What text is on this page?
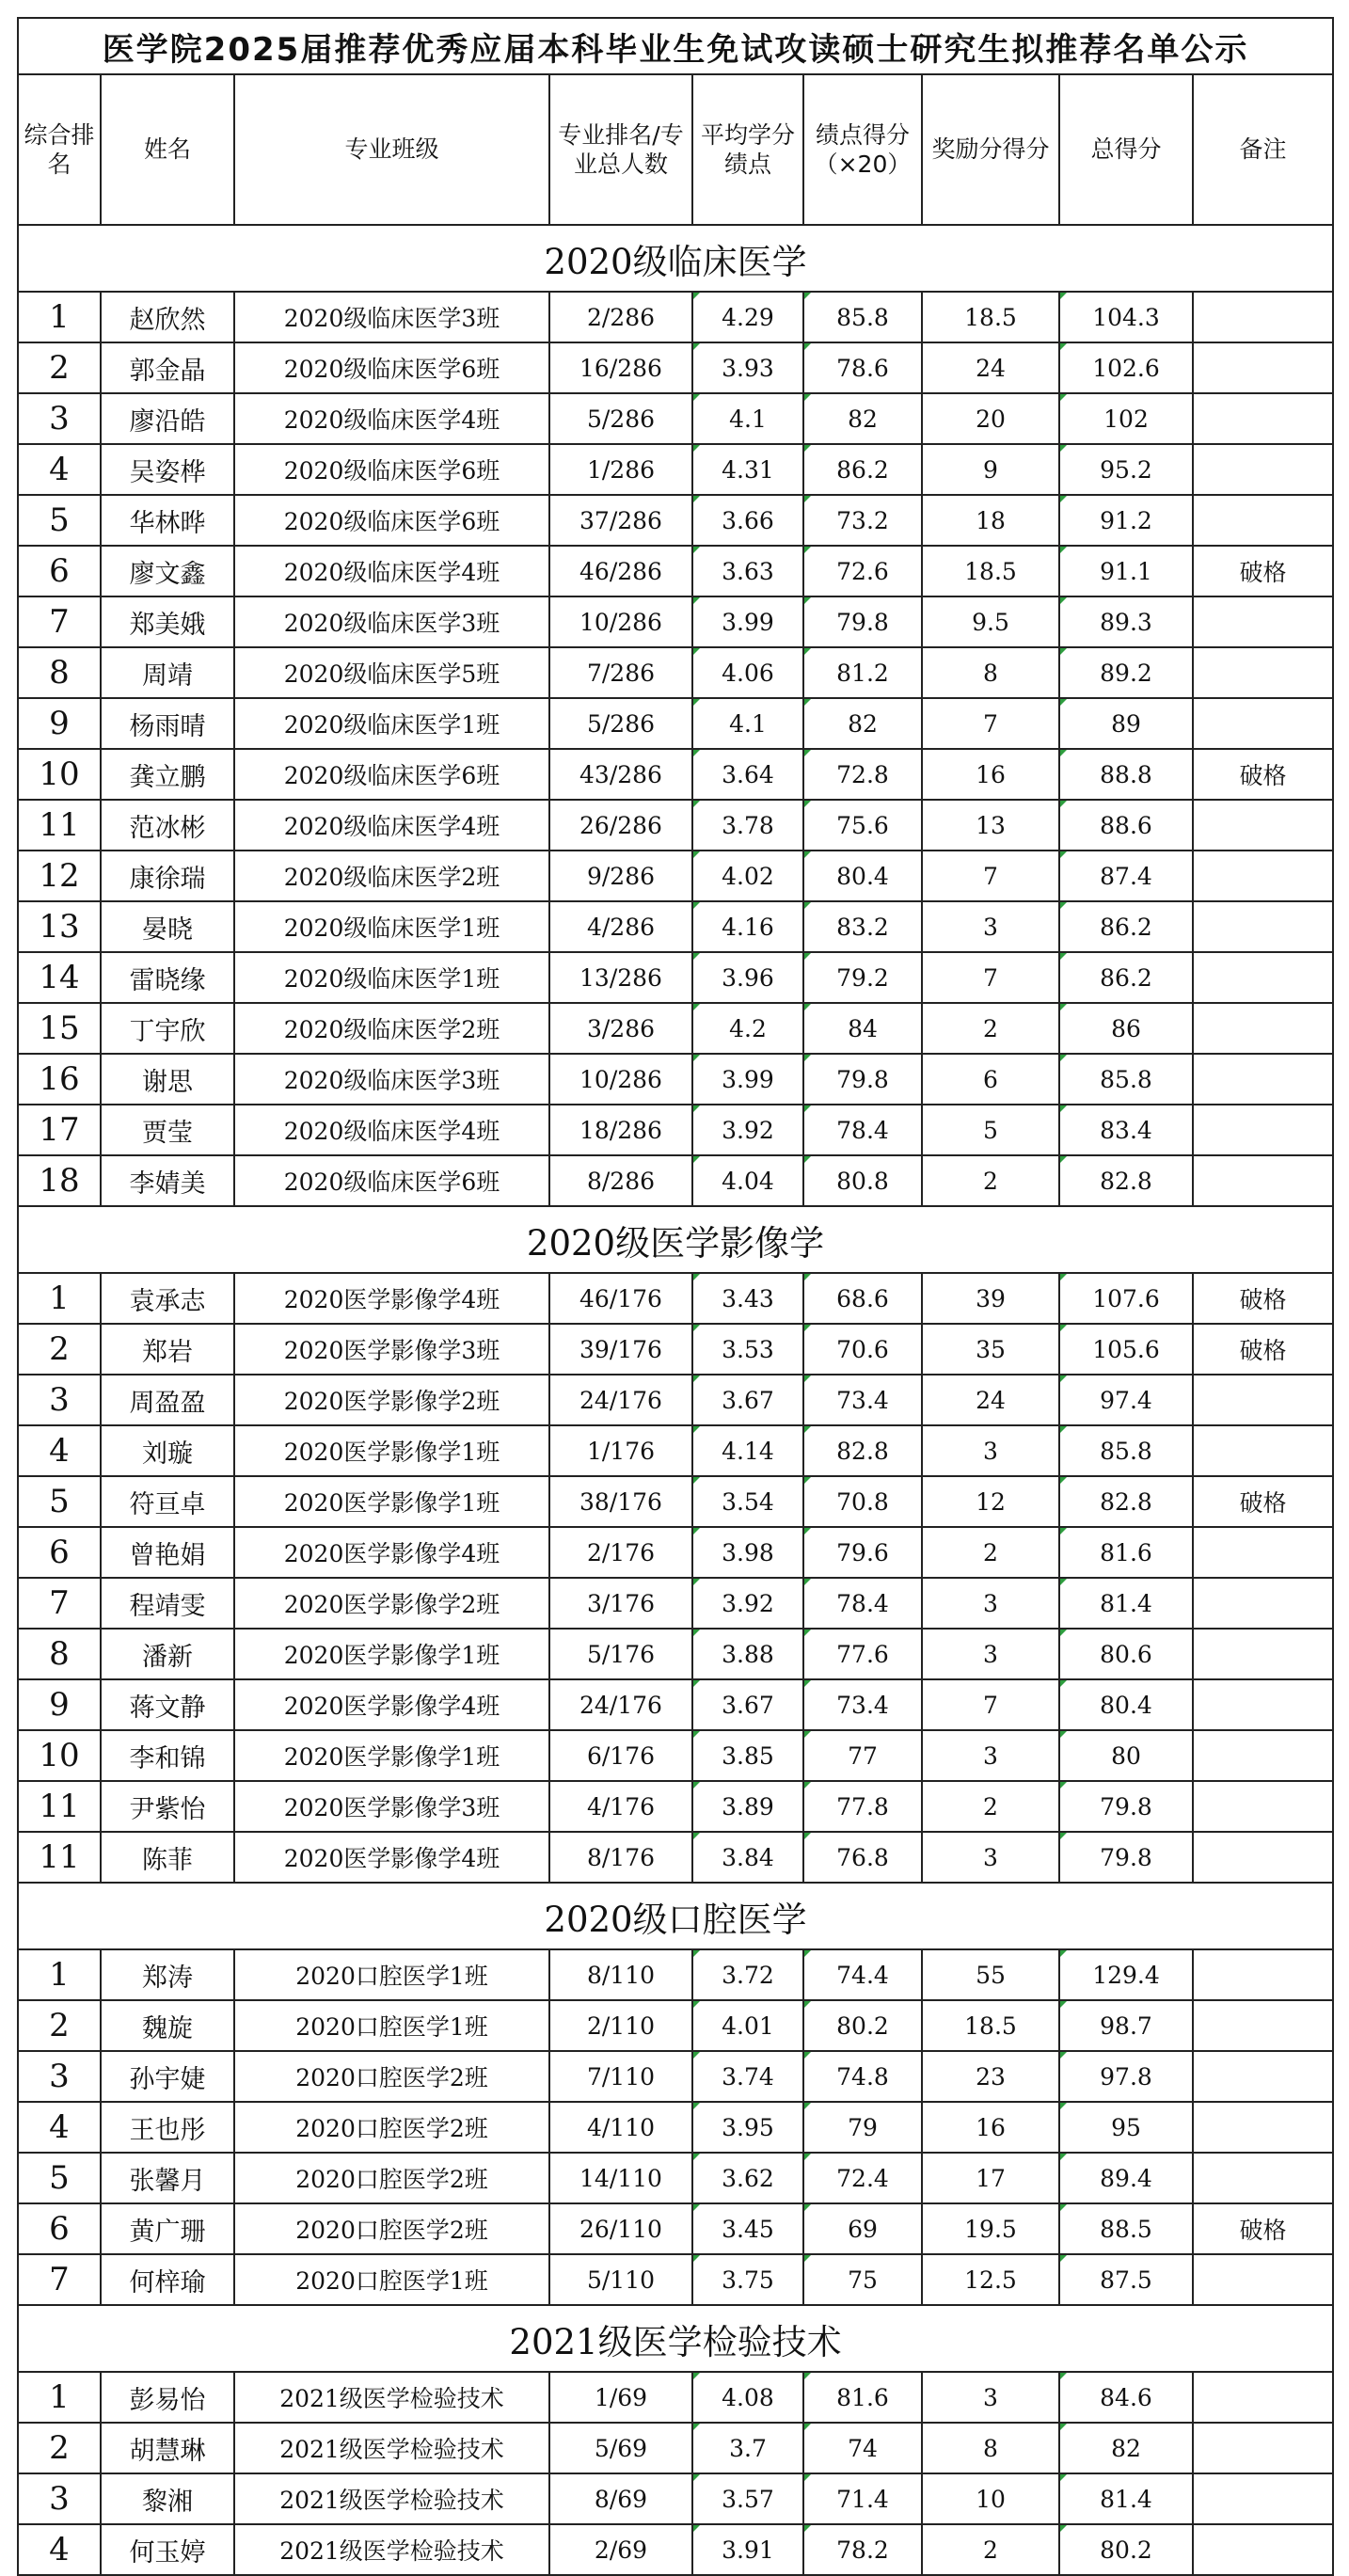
医学院2025届推荐优秀应届本科毕业生免试攻读硕士研究生拟推荐名单公示								
综合排名	姓名	专业班级	专业排名/专业总人数	平均学分绩点	绩点得分（×20）	奖励分得分	总得分	备注
2020级临床医学								
1	赵欣然	2020级临床医学3班	2/286	4.29	85.8	18.5	104.3	
2	郭金晶	2020级临床医学6班	16/286	3.93	78.6	24	102.6	
3	廖沿皓	2020级临床医学4班	5/286	4.1	82	20	102	
4	吴姿桦	2020级临床医学6班	1/286	4.31	86.2	9	95.2	
5	华林晔	2020级临床医学6班	37/286	3.66	73.2	18	91.2	
6	廖文鑫	2020级临床医学4班	46/286	3.63	72.6	18.5	91.1	破格
7	郑美娥	2020级临床医学3班	10/286	3.99	79.8	9.5	89.3	
8	周靖	2020级临床医学5班	7/286	4.06	81.2	8	89.2	
9	杨雨晴	2020级临床医学1班	5/286	4.1	82	7	89	
10	龚立鹏	2020级临床医学6班	43/286	3.64	72.8	16	88.8	破格
11	范冰彬	2020级临床医学4班	26/286	3.78	75.6	13	88.6	
12	康徐瑞	2020级临床医学2班	9/286	4.02	80.4	7	87.4	
13	晏晓	2020级临床医学1班	4/286	4.16	83.2	3	86.2	
14	雷晓缘	2020级临床医学1班	13/286	3.96	79.2	7	86.2	
15	丁宇欣	2020级临床医学2班	3/286	4.2	84	2	86	
16	谢思	2020级临床医学3班	10/286	3.99	79.8	6	85.8	
17	贾莹	2020级临床医学4班	18/286	3.92	78.4	5	83.4	
18	李婧美	2020级临床医学6班	8/286	4.04	80.8	2	82.8	
2020级医学影像学								
1	袁承志	2020医学影像学4班	46/176	3.43	68.6	39	107.6	破格
2	郑岩	2020医学影像学3班	39/176	3.53	70.6	35	105.6	破格
3	周盈盈	2020医学影像学2班	24/176	3.67	73.4	24	97.4	
4	刘璇	2020医学影像学1班	1/176	4.14	82.8	3	85.8	
5	符亘卓	2020医学影像学1班	38/176	3.54	70.8	12	82.8	破格
6	曾艳娟	2020医学影像学4班	2/176	3.98	79.6	2	81.6	
7	程靖雯	2020医学影像学2班	3/176	3.92	78.4	3	81.4	
8	潘新	2020医学影像学1班	5/176	3.88	77.6	3	80.6	
9	蒋文静	2020医学影像学4班	24/176	3.67	73.4	7	80.4	
10	李和锦	2020医学影像学1班	6/176	3.85	77	3	80	
11	尹紫怡	2020医学影像学3班	4/176	3.89	77.8	2	79.8	
11	陈菲	2020医学影像学4班	8/176	3.84	76.8	3	79.8	
2020级口腔医学								
1	郑涛	2020口腔医学1班	8/110	3.72	74.4	55	129.4	
2	魏旋	2020口腔医学1班	2/110	4.01	80.2	18.5	98.7	
3	孙宇婕	2020口腔医学2班	7/110	3.74	74.8	23	97.8	
4	王也彤	2020口腔医学2班	4/110	3.95	79	16	95	
5	张馨月	2020口腔医学2班	14/110	3.62	72.4	17	89.4	
6	黄广珊	2020口腔医学2班	26/110	3.45	69	19.5	88.5	破格
7	何梓瑜	2020口腔医学1班	5/110	3.75	75	12.5	87.5	
2021级医学检验技术								
1	彭易怡	2021级医学检验技术	1/69	4.08	81.6	3	84.6	
2	胡慧琳	2021级医学检验技术	5/69	3.7	74	8	82	
3	黎湘	2021级医学检验技术	8/69	3.57	71.4	10	81.4	
4	何玉婷	2021级医学检验技术	2/69	3.91	78.2	2	80.2	
